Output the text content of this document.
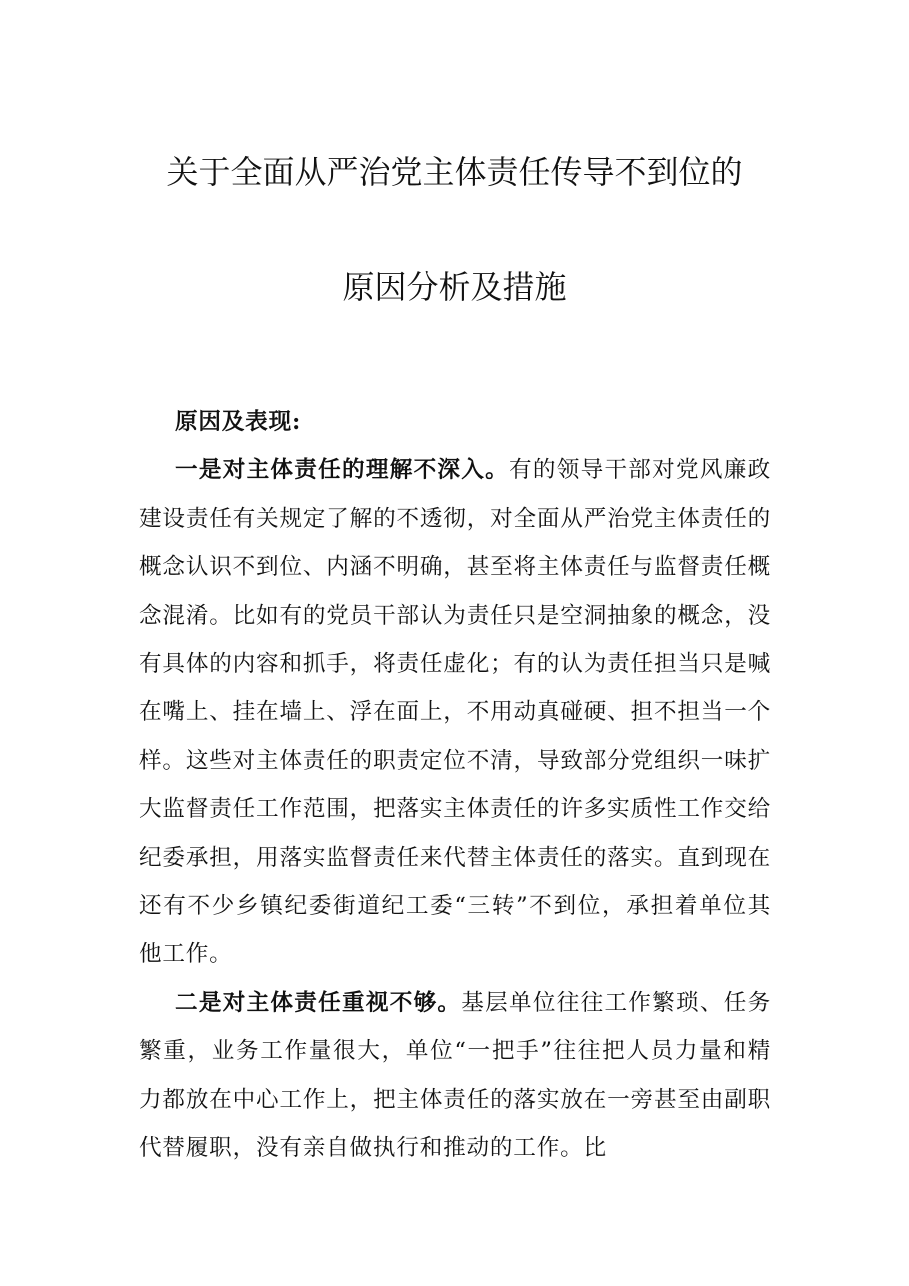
关于全面从严治党主体责任传导不到位的
原因分析及措施

原因及表现:

一是对主体责任的理解不深入。有的领导干部对党风廉政建设责任有关规定了解的不透彻，对全面从严治党主体责任的概念认识不到位、内涵不明确，甚至将主体责任与监督责任概念混淆。比如有的党员干部认为责任只是空洞抽象的概念，没有具体的内容和抓手，将责任虚化；有的认为责任担当只是喊在嘴上、挂在墙上、浮在面上，不用动真碰硬、担不担当一个样。这些对主体责任的职责定位不清，导致部分党组织一味扩大监督责任工作范围，把落实主体责任的许多实质性工作交给纪委承担，用落实监督责任来代替主体责任的落实。直到现在还有不少乡镇纪委街道纪工委“三转”不到位，承担着单位其他工作。

二是对主体责任重视不够。基层单位往往工作繁琐、任务繁重，业务工作量很大，单位“一把手”往往把人员力量和精力都放在中心工作上，把主体责任的落实放在一旁甚至由副职代替履职，没有亲自做执行和推动的工作。比
